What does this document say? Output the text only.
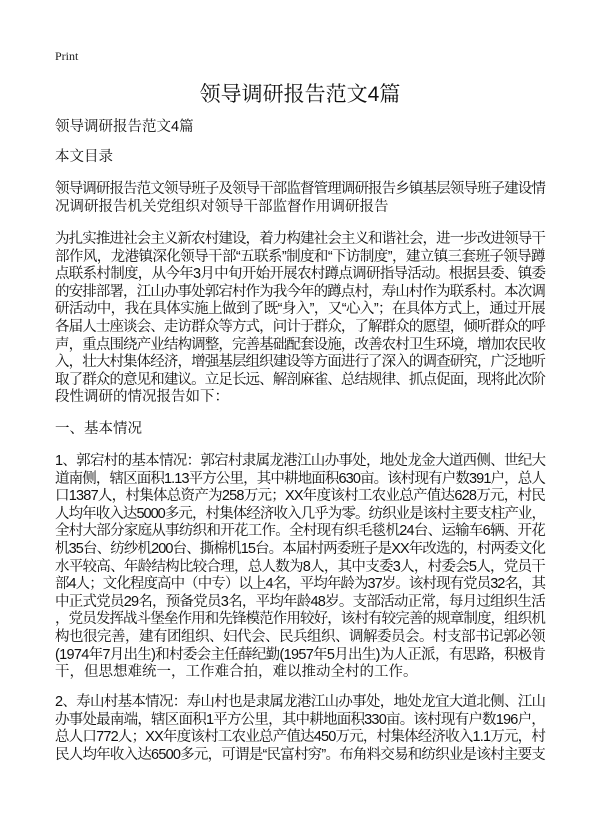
Print
领导调研报告范文4篇
领导调研报告范文4篇
本文目录
领导调研报告范文领导班子及领导干部监督管理调研报告乡镇基层领导班子建设情
况调研报告机关党组织对领导干部监督作用调研报告
为扎实推进社会主义新农村建设，着力构建社会主义和谐社会，进一步改进领导干
部作风，龙港镇深化领导干部“五联系”制度和“下访制度”，建立镇三套班子领导蹲
点联系村制度，从今年3月中旬开始开展农村蹲点调研指导活动。根据县委、镇委
的安排部署，江山办事处郭宕村作为我今年的蹲点村，寿山村作为联系村。本次调
研活动中，我在具体实施上做到了既“身入”，又“心入”；在具体方式上，通过开展
各届人士座谈会、走访群众等方式，问计于群众，了解群众的愿望，倾听群众的呼
声，重点围绕产业结构调整，完善基础配套设施，改善农村卫生环境，增加农民收
入，壮大村集体经济，增强基层组织建设等方面进行了深入的调查研究，广泛地听
取了群众的意见和建议。立足长远、解剖麻雀、总结规律、抓点促面，现将此次阶
段性调研的情况报告如下：
一、基本情况
1、郭宕村的基本情况：郭宕村隶属龙港江山办事处，地处龙金大道西侧、世纪大
道南侧，辖区面积1.13平方公里，其中耕地面积630亩。该村现有户数391户，总人
口1387人，村集体总资产为258万元；XX年度该村工农业总产值达628万元，村民
人均年收入达5000多元，村集体经济收入几乎为零。纺织业是该村主要支柱产业，
全村大部分家庭从事纺织和开花工作。全村现有织毛毯机24台、运输车6辆、开花
机35台、纺纱机200台、撕棉机15台。本届村两委班子是XX年改选的，村两委文化
水平较高、年龄结构比较合理，总人数为8人，其中支委3人，村委会5人，党员干
部4人；文化程度高中（中专）以上4名，平均年龄为37岁。该村现有党员32名，其
中正式党员29名，预备党员3名，平均年龄48岁。支部活动正常，每月过组织生活
，党员发挥战斗堡垒作用和先锋模范作用较好，该村有较完善的规章制度，组织机
构也很完善，建有团组织、妇代会、民兵组织、调解委员会。村支部书记郭必领
(1974年7月出生)和村委会主任薛纪勤(1957年5月出生)为人正派，有思路，积极肯
干，但思想难统一，工作难合拍，难以推动全村的工作。
2、寿山村基本情况：寿山村也是隶属龙港江山办事处，地处龙宜大道北侧、江山
办事处最南端，辖区面积1平方公里，其中耕地面积330亩。该村现有户数196户，
总人口772人；XX年度该村工农业总产值达450万元，村集体经济收入1.1万元，村
民人均年收入达6500多元，可谓是“民富村穷”。布角料交易和纺织业是该村主要支
